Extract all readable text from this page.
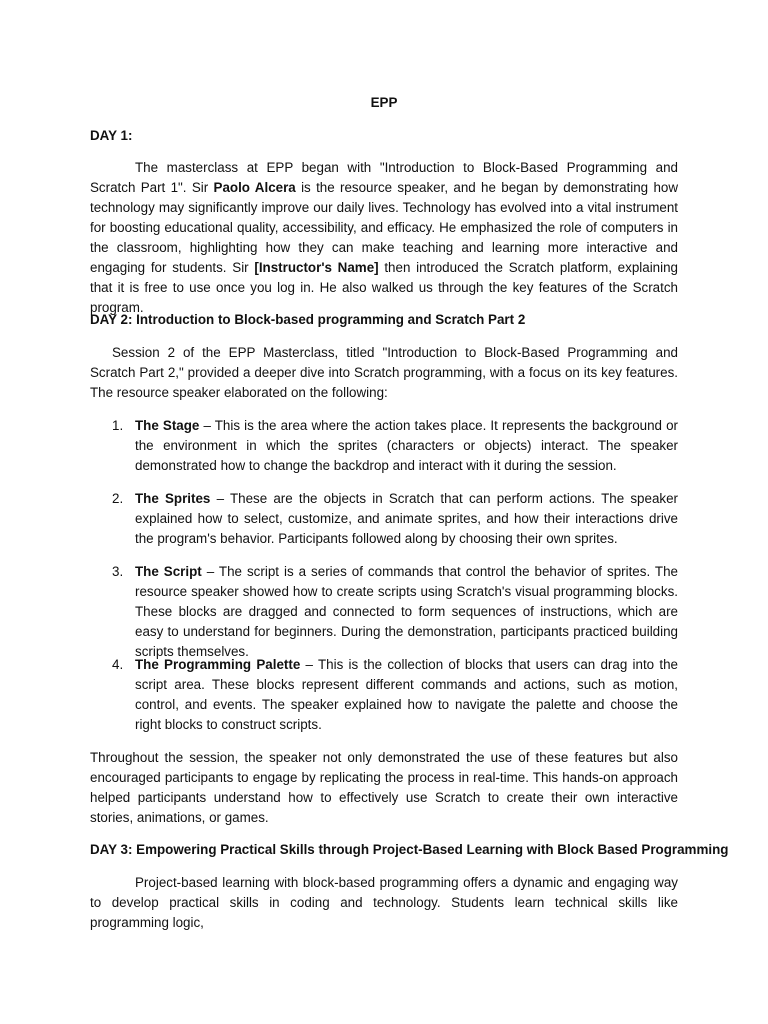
EPP
DAY 1:
The masterclass at EPP began with "Introduction to Block-Based Programming and Scratch Part 1". Sir Paolo Alcera is the resource speaker, and he began by demonstrating how technology may significantly improve our daily lives. Technology has evolved into a vital instrument for boosting educational quality, accessibility, and efficacy. He emphasized the role of computers in the classroom, highlighting how they can make teaching and learning more interactive and engaging for students. Sir [Instructor's Name] then introduced the Scratch platform, explaining that it is free to use once you log in. He also walked us through the key features of the Scratch program.
DAY 2: Introduction to Block-based programming and Scratch Part 2
Session 2 of the EPP Masterclass, titled "Introduction to Block-Based Programming and Scratch Part 2," provided a deeper dive into Scratch programming, with a focus on its key features. The resource speaker elaborated on the following:
1. The Stage – This is the area where the action takes place. It represents the background or the environment in which the sprites (characters or objects) interact. The speaker demonstrated how to change the backdrop and interact with it during the session.
2. The Sprites – These are the objects in Scratch that can perform actions. The speaker explained how to select, customize, and animate sprites, and how their interactions drive the program's behavior. Participants followed along by choosing their own sprites.
3. The Script – The script is a series of commands that control the behavior of sprites. The resource speaker showed how to create scripts using Scratch's visual programming blocks. These blocks are dragged and connected to form sequences of instructions, which are easy to understand for beginners. During the demonstration, participants practiced building scripts themselves.
4. The Programming Palette – This is the collection of blocks that users can drag into the script area. These blocks represent different commands and actions, such as motion, control, and events. The speaker explained how to navigate the palette and choose the right blocks to construct scripts.
Throughout the session, the speaker not only demonstrated the use of these features but also encouraged participants to engage by replicating the process in real-time. This hands-on approach helped participants understand how to effectively use Scratch to create their own interactive stories, animations, or games.
DAY 3: Empowering Practical Skills through Project-Based Learning with Block Based Programming
Project-based learning with block-based programming offers a dynamic and engaging way to develop practical skills in coding and technology. Students learn technical skills like programming logic,
